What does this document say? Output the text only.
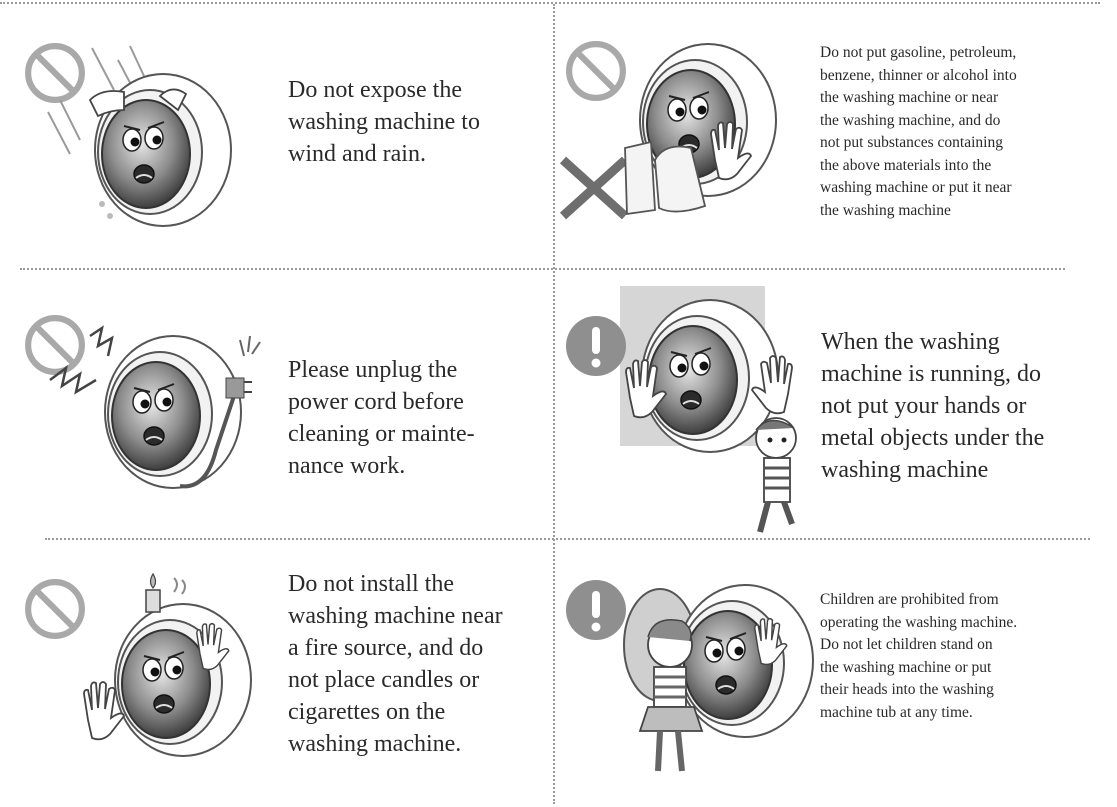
Do not expose the
washing machine to
wind and rain.
Do not put gasoline, petroleum,
benzene, thinner or alcohol into
the washing machine or near
the washing machine, and do
not put substances containing
the above materials into the
washing machine or put it near
the washing machine
Please unplug the
power cord before
cleaning or mainte-
nance work.
When the washing
machine is running, do
not put your hands or
metal objects under the
washing machine
Do not install the
washing machine near
a fire source, and do
not place candles or
cigarettes on the
washing machine.
Children are prohibited from
operating the washing machine.
Do not let children stand on
the washing machine or put
their heads into the washing
machine tub at any time.
